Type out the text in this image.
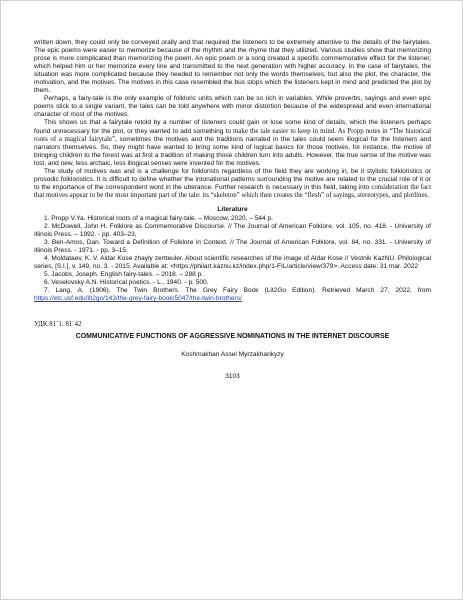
written down, they could only be conveyed orally and that required the listeners to be extremely attentive to the details of the fairytales. The epic poems were easier to memorize because of the rhythm and the rhyme that they utilized. Various studies show that memorizing prose is more complicated than memorizing the poem. An epic poem or a song created a specific commemorative effect for the listener, which helped him or her memorize every line and transmitted to the next generation with higher accuracy. In the case of fairytales, the situation was more complicated because they needed to remember not only the words themselves, but also the plot, the character, the motivation, and the motives. The motives in this case resembled the bus stops which the listeners kept in mind and predicted the plot by them.

Perhaps, a fairy-tale is the only example of folkloric units which can be so rich in variables. While proverbs, sayings and even epic poems stick to a single variant, the tales can be told anywhere with minor distortion because of the widespread and even international character of most of the motives.

This shows us that a fairytale retold by a number of listeners could gain or lose some kind of details, which the listeners perhaps found unnecessary for the plot, or they wanted to add something to make the tale easier to keep in mind. As Propp notes in “The historical roots of a magical fairytale”, sometimes the motives and the traditions narrated in the tales could seem illogical for the listeners and narrators themselves. So, they might have wanted to bring some kind of logical basics for those motives, for instance, the motive of bringing children to the forest was at first a tradition of making those children turn into adults. However, the true sense of the motive was lost, and new, less archaic, less illogical senses were invented for the motives.

The study of motives was and is a challenge for folklorists regardless of the field they are working in, be it stylistic folkloristics or prosodic folkloristics. It is difficult to define whether the intonational patterns surrounding the motive are related to the crucial role of it or to the importance of the correspondent word in the utterance. Further research is necessary in this field, taking into consideration the fact that motives appear to be the most important part of the tale: its “skeleton” which then creates the “flesh” of sayings, stereotypes, and plotlines.

Literature
1. Propp V.Ya. Historical roots of a magical fairy-tale. – Moscow, 2020. – 544 p.
2. McDowell, John H. Folklore as Commemorative Discourse. // The Journal of American Folklore, vol. 105, no. 418. - University of Illinois Press. – 1992. - pp. 403–23,
3. Ben-Amos, Dan. Toward a Definition of Folklore in Context. // The Journal of American Folklore, vol. 84, no. 331. - University of Illinois Press. - 1971. - pp. 3–15.
4. Moldataev, K. V. Aldar Kose zhayly zertteuler. About scientific researches of the image of Aldar Kose // Vestnik KazNU. Philological series, [S.l.], v. 149, no. 3. - 2015. Available at: <https://philart.kaznu.kz/index.php/1-FIL/article/view/379>. Access date: 31 mar. 2022
5. Jacobs, Joseph. English fairy-tales. – 2018. – 288 p.
6. Veselovsky A.N. Historical poetics. - L., 1940. - p. 500.
7. Lang, A. (1906). The Twin Brothers. The Grey Fairy Book (Lit2Go Edition). Retrieved March 27, 2022, from https://etc.usf.edu/lit2go/143/the-grey-fairy-book/5047/the-twin-brothers/
УДК 81`1: 81`42
COMMUNICATIVE FUNCTIONS OF AGGRESSIVE NOMINATIONS IN THE INTERNET DISCOURSE
Koshmakhan Assel Myrzakhankyzy
3103
